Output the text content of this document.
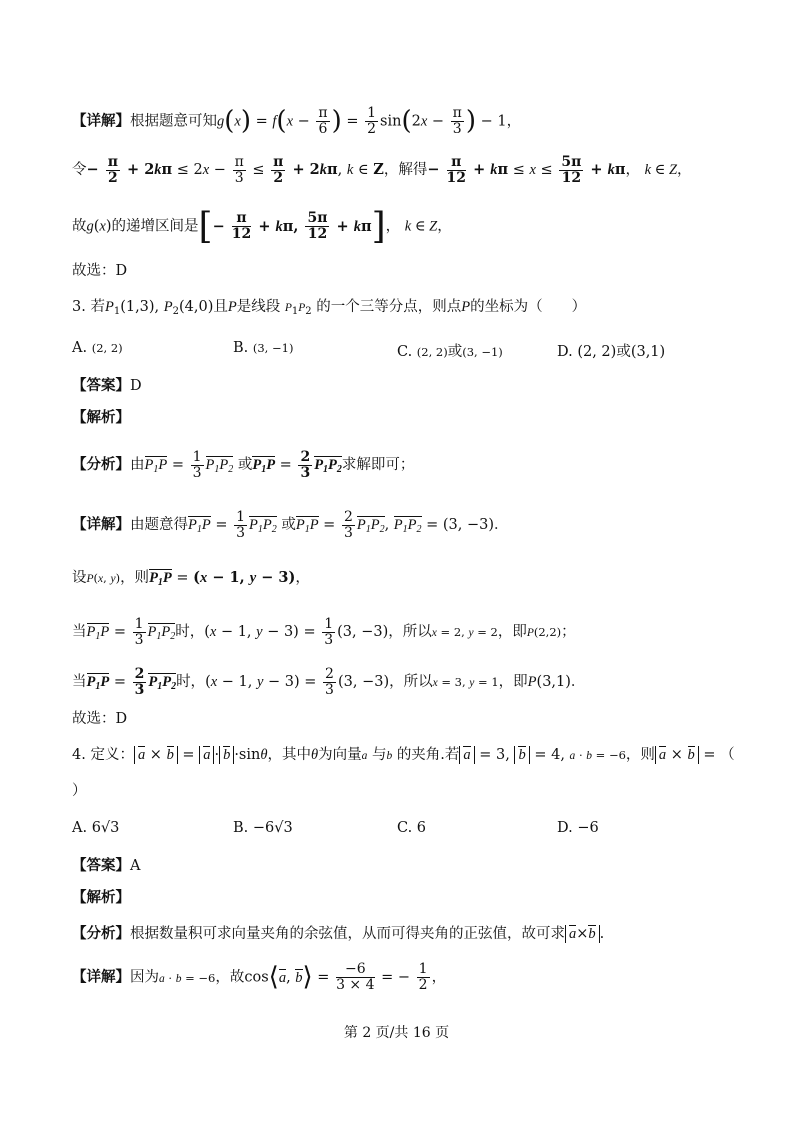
【详解】根据题意可知$g(x) = f(x - \frac{\pi}{6}$ ) = $\frac{1}{2} \sin(2x - \frac{\pi}{3}$ ) − 1，
令− $\frac{\pi}{2} + 2k\pi \le 2x - \frac{\pi}{3} \le \frac{\pi}{2} + 2k\pi$, k ∈ Z，解得− $\frac{\pi}{12} + k\pi \le x \le \frac{5\pi}{12} + k\pi$， k ∈ Z，
故g(x)的递增区间是[− $\frac{\pi}{12} + k\pi$, $\frac{5\pi}{12} + k\pi$]， k ∈ Z，
故选：D
3. 若$P_1(1,3)$, $P_2(4,0)$且P是线段 $P_1P_2$ 的一个三等分点，则点P的坐标为（　　）
A. (2, 2)	B. (3, −1)	C. (2, 2)或(3, −1)	D. (2, 2)或(3,1)
【答案】D
【解析】
【分析】由$P_1P = \frac{1}{3} P_1P_2$ 或$P_1P = \frac{2}{3} P_1P_2$求解即可；
【详解】由题意得$P_1P = \frac{1}{3} P_1P_2$ 或$P_1P = \frac{2}{3} P_1P_2$, $P_1P_2 = (3$, −3)．
设P(x, y)，则$P_1P = (x - 1$, y − 3)，
当$P_1P = \frac{1}{3} P_1P_2$时，(x − 1, $y - 3) = \frac{1}{3} (3$, −3)，所以x = 2, y = 2，即P(2,2)；
当$P_1P = \frac{2}{3} P_1P_2$时，(x − 1, $y - 3) = \frac{2}{3} (3$, −3)，所以x = 3, y = 1，即P(3,1)．
故选：D
4. 定义： a × b = a · b ·sinθ，其中θ为向量a 与b 的夹角.若 a = 3, b = 4, a · b = −6，则 a × b = （
）
A. 6√3	B. −6√3	C. 6	D. −6
【答案】A
【解析】
【分析】根据数量积可求向量夹角的余弦值，从而可得夹角的正弦值，故可求 a×b .
【详解】因为a · b = −6，故cos⟨a, b⟩ = $\frac{-6}{3 \times 4}$ = − $\frac{1}{2}$ ，
第 2 页/共 16 页
